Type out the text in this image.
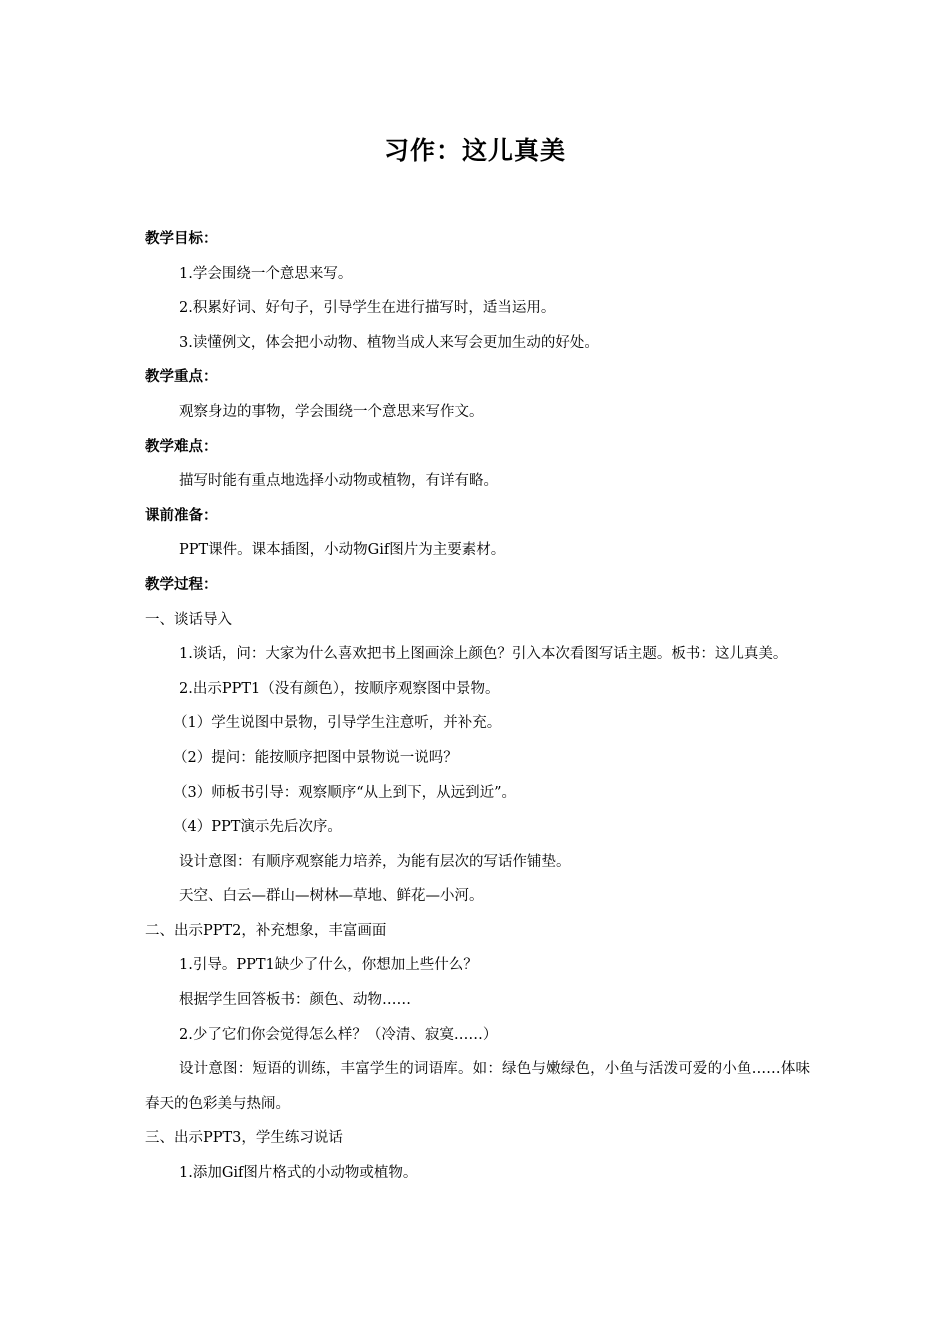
习作：这儿真美

教学目标：

1.学会围绕一个意思来写。

2.积累好词、好句子，引导学生在进行描写时，适当运用。

3.读懂例文，体会把小动物、植物当成人来写会更加生动的好处。

教学重点：

观察身边的事物，学会围绕一个意思来写作文。

教学难点：

描写时能有重点地选择小动物或植物，有详有略。

课前准备：

PPT课件。课本插图，小动物Gif图片为主要素材。

教学过程：

一、谈话导入

1.谈话，问：大家为什么喜欢把书上图画涂上颜色？引入本次看图写话主题。板书：这儿真美。

2.出示PPT1（没有颜色），按顺序观察图中景物。

（1）学生说图中景物，引导学生注意听，并补充。

（2）提问：能按顺序把图中景物说一说吗？

（3）师板书引导：观察顺序“从上到下，从远到近”。

（4）PPT演示先后次序。

设计意图：有顺序观察能力培养，为能有层次的写话作铺垫。

天空、白云—群山—树林—草地、鲜花—小河。

二、出示PPT2，补充想象，丰富画面

1.引导。PPT1缺少了什么，你想加上些什么？

根据学生回答板书：颜色、动物……

2.少了它们你会觉得怎么样？（冷清、寂寞……）

设计意图：短语的训练，丰富学生的词语库。如：绿色与嫩绿色，小鱼与活泼可爱的小鱼……体味春天的色彩美与热闹。

三、出示PPT3，学生练习说话

1.添加Gif图片格式的小动物或植物。
